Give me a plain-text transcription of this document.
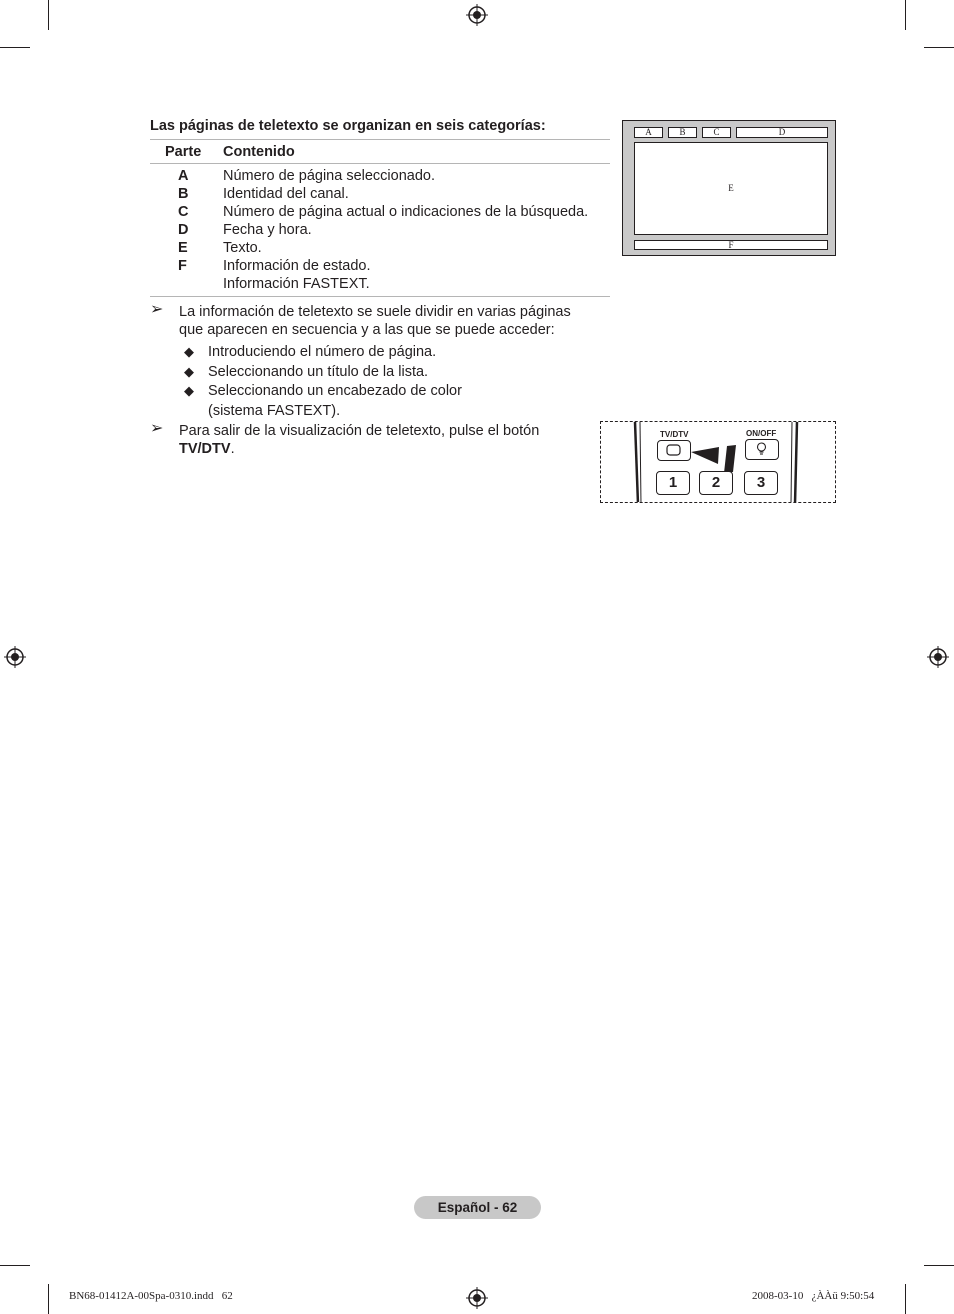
Las páginas de teletexto se organizan en seis categorías:
Parte Contenido
A Número de página seleccionado.
B Identidad del canal.
C Número de página actual o indicaciones de la búsqueda.
D Fecha y hora.
E Texto.
F Información de estado.
Información FASTEXT.
➢ La información de teletexto se suele dividir en varias páginas
que aparecen en secuencia y a las que se puede acceder:
◆ Introduciendo el número de página.
◆ Seleccionando un título de la lista.
◆ Seleccionando un encabezado de color
(sistema FASTEXT).
➢ Para salir de la visualización de teletexto, pulse el botón
TV/DTV.
A	B	C	D
E
F
TV/DTV	ON/OFF
1	2	3
Español - 62
BN68-01412A-00Spa-0310.indd   62	2008-03-10   ¿ÀÀü 9:50:54
